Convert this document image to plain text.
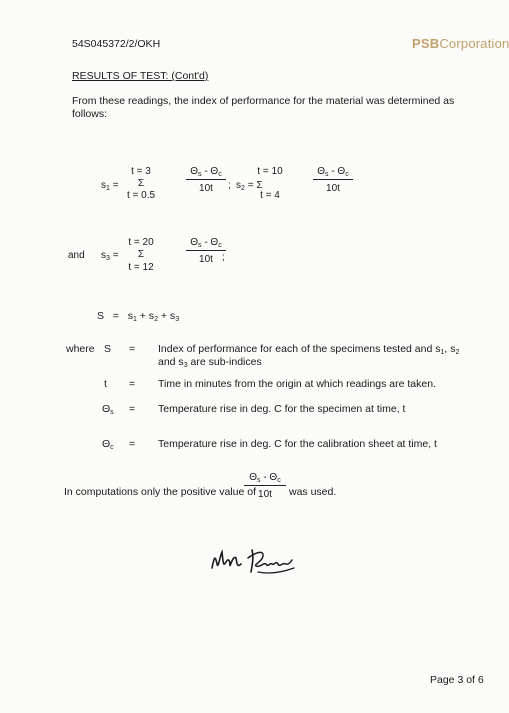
54S045372/2/OKH	PSBCorporation
RESULTS OF TEST: (Cont'd)
From these readings, the index of performance for the material was determined as
follows:
$s_1$ =
t = 3
Σ
t = 0.5
$\Theta_s - \Theta_c$
10t	; $s_2 = \Sigma$
t = 10
t = 4
$\Theta_s - \Theta_c$
10t
and $s_3$ =
t = 20
Σ
t = 12
$\Theta_s - \Theta_c$
10t ;
$S = s_1 + s_2 + s_3$
where S = Index of performance for each of the specimens tested and $s_1$, $s_2$
and $s_3$ are sub-indices
t = Time in minutes from the origin at which readings are taken.
$\Theta_s$ = Temperature rise in deg. C for the specimen at time, t
$\Theta_c$ = Temperature rise in deg. C for the calibration sheet at time, t
In computations only the positive value of
$\Theta_s - \Theta_c$
10t	was used.
Page 3 of 6
